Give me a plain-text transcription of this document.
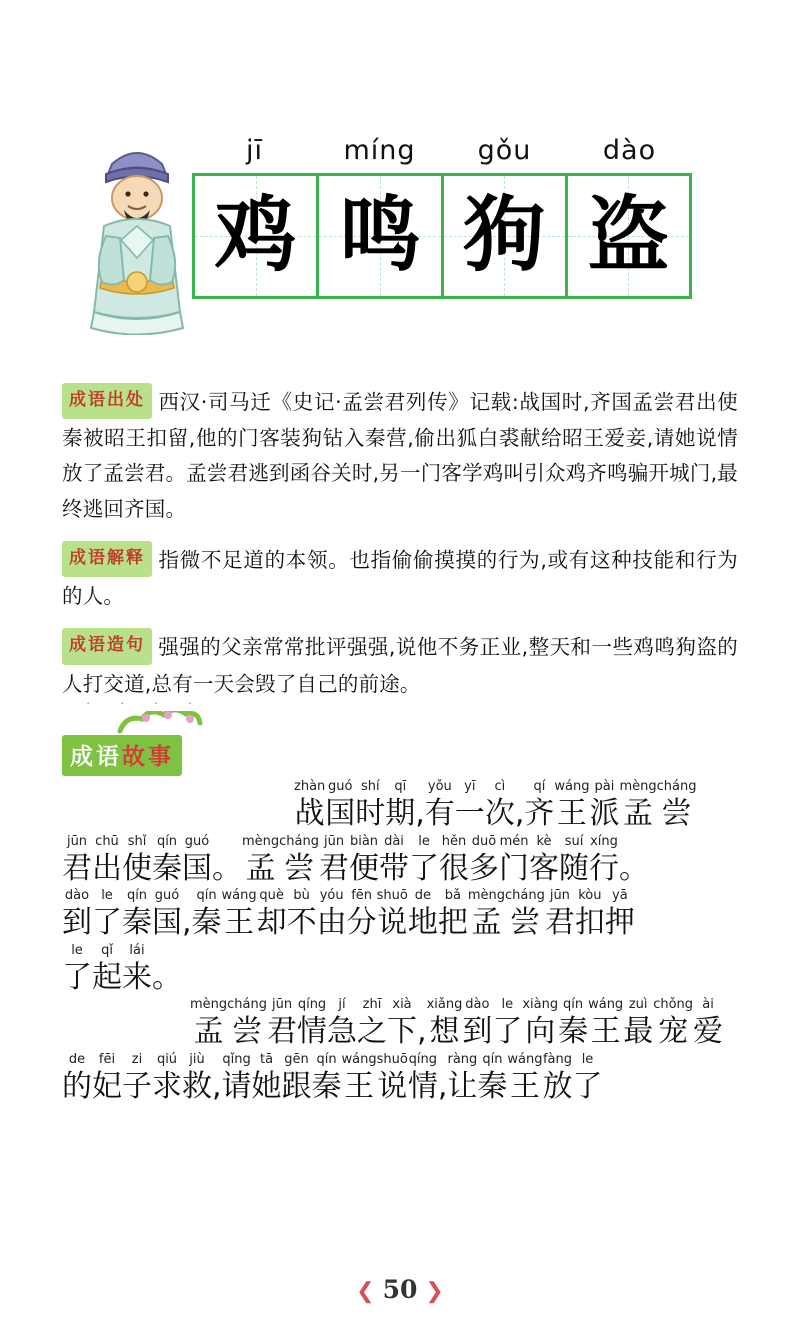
jī	míng	gǒu	dào
鸡 鸣 狗 盗

成语出处 西汉·司马迁《史记·孟尝君列传》记载:战国时,齐国孟尝君出使秦被昭王扣留,他的门客装狗钻入秦营,偷出狐白裘献给昭王爱妾,请她说情放了孟尝君。孟尝君逃到函谷关时,另一门客学鸡叫引众鸡齐鸣骗开城门,最终逃回齐国。

成语解释 指微不足道的本领。也指偷偷摸摸的行为,或有这种技能和行为的人。

成语造句 强强的父亲常常批评强强,说他不务正业,整天和一些鸡鸣狗盗的人打交道,总有一天会毁了自己的前途。

· · · ·
成语故事
zhàn
战
guó
国
shí
时
qī
期 ,
yǒu
有
yī
一
cì
次 ,
qí
齐
wáng
王
pài
派
mèng
孟
cháng
尝
jūn
君
chū
出
shǐ
使
qín
秦
guó
国 。
mèng
孟
cháng
尝
jūn
君
biàn
便
dài
带
le
了
hěn
很
duō
多
mén
门
kè
客
suí
随
xíng
行 。
dào
到
le
了
qín
秦
guó
国 ,
qín
秦
wáng
王
què
却
bù
不
yóu
由
fēn
分
shuō
说
de
地
bǎ
把
mèng
孟
cháng
尝
jūn
君
kòu
扣
yā
押
le
了
qǐ
起
lái
来 。
mèng
孟
cháng
尝
jūn
君
qíng
情
jí
急
zhī
之
xià
下 ,
xiǎng
想
dào
到
le
了
xiàng
向
qín
秦
wáng
王
zuì
最
chǒng
宠
ài
爱
de
的
fēi
妃
zi
子
qiú
求
jiù
救 ,
qǐng
请
tā
她
gēn
跟
qín
秦
wáng
王
shuō
说
qíng
情 ,
ràng
让
qín
秦
wáng
王
fàng
放
le
了
❮ 50 ❯
